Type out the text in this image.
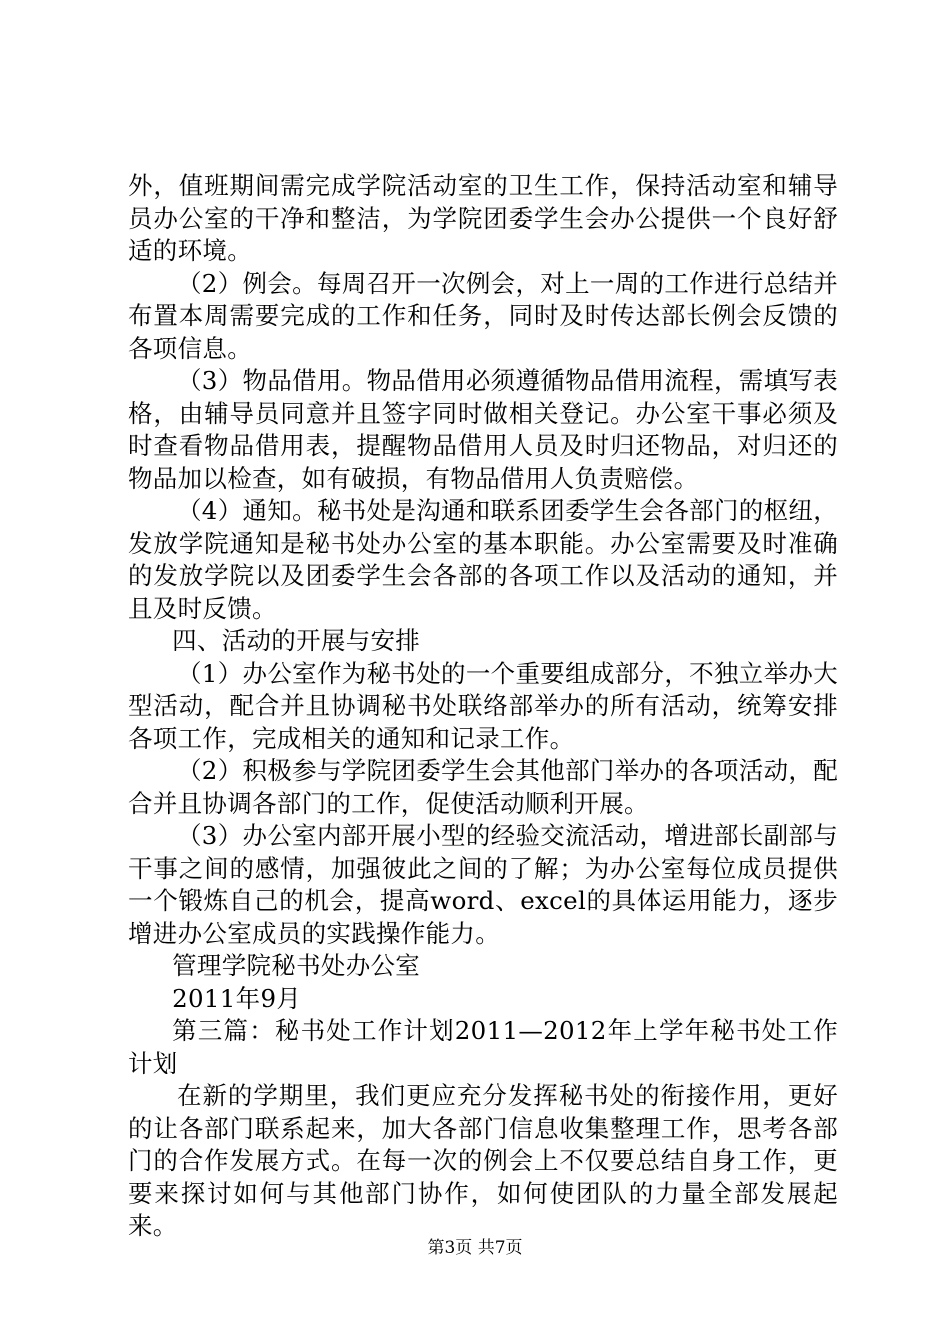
外，值班期间需完成学院活动室的卫生工作，保持活动室和辅导员办公室的干净和整洁，为学院团委学生会办公提供一个良好舒适的环境。

（2）例会。每周召开一次例会，对上一周的工作进行总结并布置本周需要完成的工作和任务，同时及时传达部长例会反馈的各项信息。

（3）物品借用。物品借用必须遵循物品借用流程，需填写表格，由辅导员同意并且签字同时做相关登记。办公室干事必须及时查看物品借用表，提醒物品借用人员及时归还物品，对归还的物品加以检查，如有破损，有物品借用人负责赔偿。

（4）通知。秘书处是沟通和联系团委学生会各部门的枢纽，发放学院通知是秘书处办公室的基本职能。办公室需要及时准确的发放学院以及团委学生会各部的各项工作以及活动的通知，并且及时反馈。

四、活动的开展与安排

（1）办公室作为秘书处的一个重要组成部分，不独立举办大型活动，配合并且协调秘书处联络部举办的所有活动，统筹安排各项工作，完成相关的通知和记录工作。

（2）积极参与学院团委学生会其他部门举办的各项活动，配合并且协调各部门的工作，促使活动顺利开展。

（3）办公室内部开展小型的经验交流活动，增进部长副部与干事之间的感情，加强彼此之间的了解；为办公室每位成员提供一个锻炼自己的机会，提高word、excel的具体运用能力，逐步增进办公室成员的实践操作能力。

管理学院秘书处办公室

2011年9月

第三篇：秘书处工作计划2011—2012年上学年秘书处工作计划

在新的学期里，我们更应充分发挥秘书处的衔接作用，更好的让各部门联系起来，加大各部门信息收集整理工作，思考各部门的合作发展方式。在每一次的例会上不仅要总结自身工作，更要来探讨如何与其他部门协作，如何使团队的力量全部发展起来。

第3页 共7页
